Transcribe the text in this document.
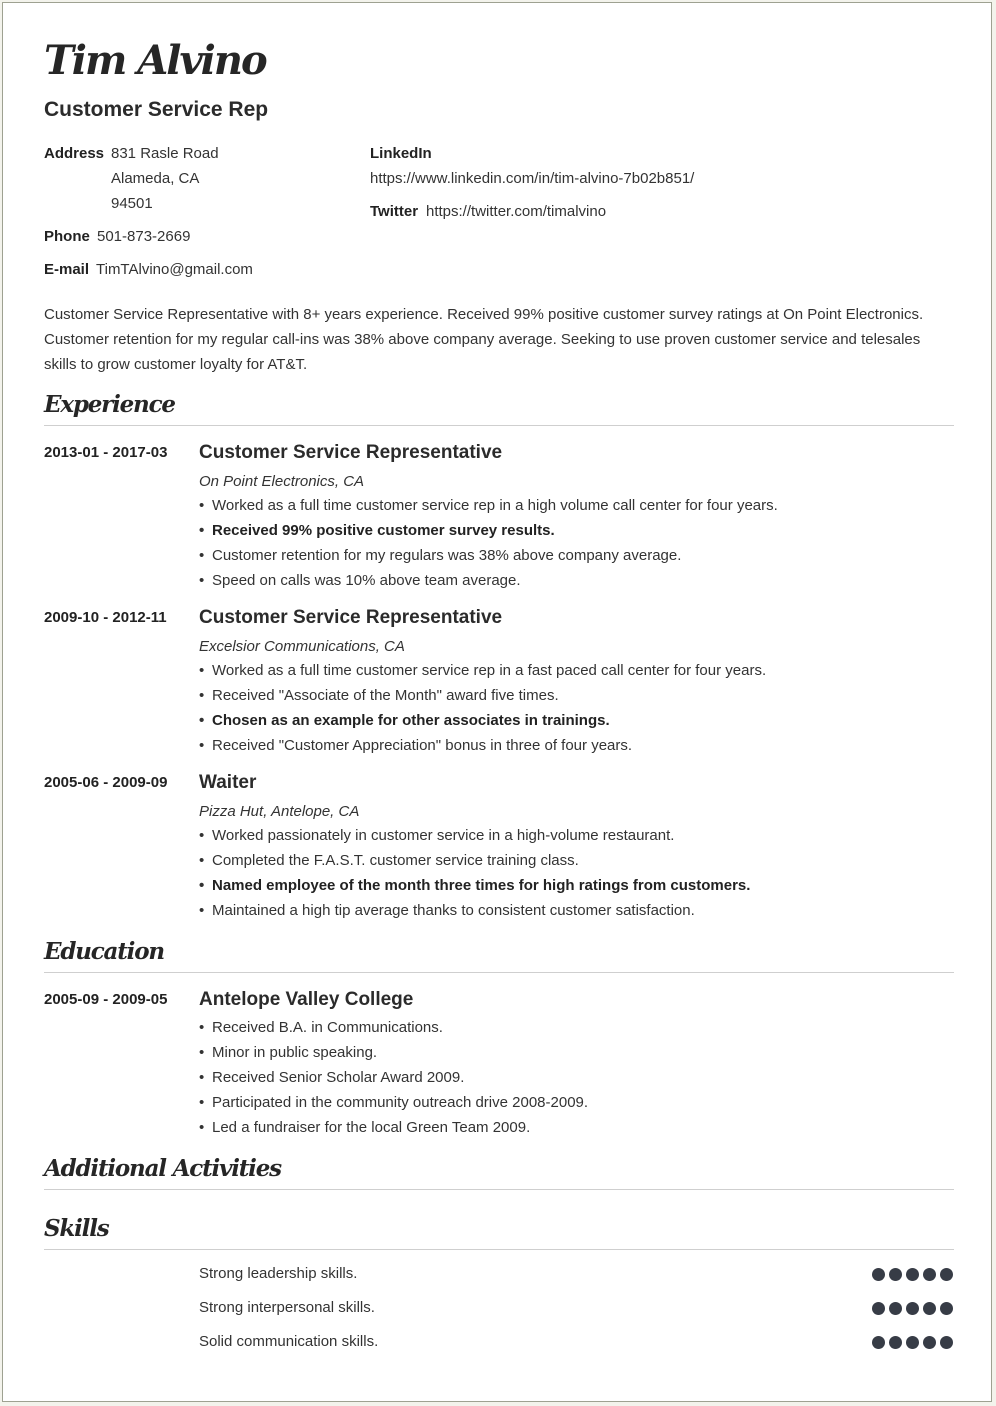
Tim Alvino
Customer Service Rep
Address 831 Rasle Road
Alameda, CA
94501
Phone 501-873-2669
E-mail TimTAlvino@gmail.com
LinkedIn
https://www.linkedin.com/in/tim-alvino-7b02b851/
Twitter https://twitter.com/timalvino
Customer Service Representative with 8+ years experience. Received 99% positive customer survey ratings at On Point Electronics. Customer retention for my regular call-ins was 38% above company average. Seeking to use proven customer service and telesales skills to grow customer loyalty for AT&T.
Experience
2013-01 - 2017-03 Customer Service Representative
On Point Electronics, CA
• Worked as a full time customer service rep in a high volume call center for four years.
• Received 99% positive customer survey results.
• Customer retention for my regulars was 38% above company average.
• Speed on calls was 10% above team average.
2009-10 - 2012-11 Customer Service Representative
Excelsior Communications, CA
• Worked as a full time customer service rep in a fast paced call center for four years.
• Received "Associate of the Month" award five times.
• Chosen as an example for other associates in trainings.
• Received "Customer Appreciation" bonus in three of four years.
2005-06 - 2009-09 Waiter
Pizza Hut, Antelope, CA
• Worked passionately in customer service in a high-volume restaurant.
• Completed the F.A.S.T. customer service training class.
• Named employee of the month three times for high ratings from customers.
• Maintained a high tip average thanks to consistent customer satisfaction.
Education
2005-09 - 2009-05 Antelope Valley College
• Received B.A. in Communications.
• Minor in public speaking.
• Received Senior Scholar Award 2009.
• Participated in the community outreach drive 2008-2009.
• Led a fundraiser for the local Green Team 2009.
Additional Activities
Skills
Strong leadership skills.
Strong interpersonal skills.
Solid communication skills.
